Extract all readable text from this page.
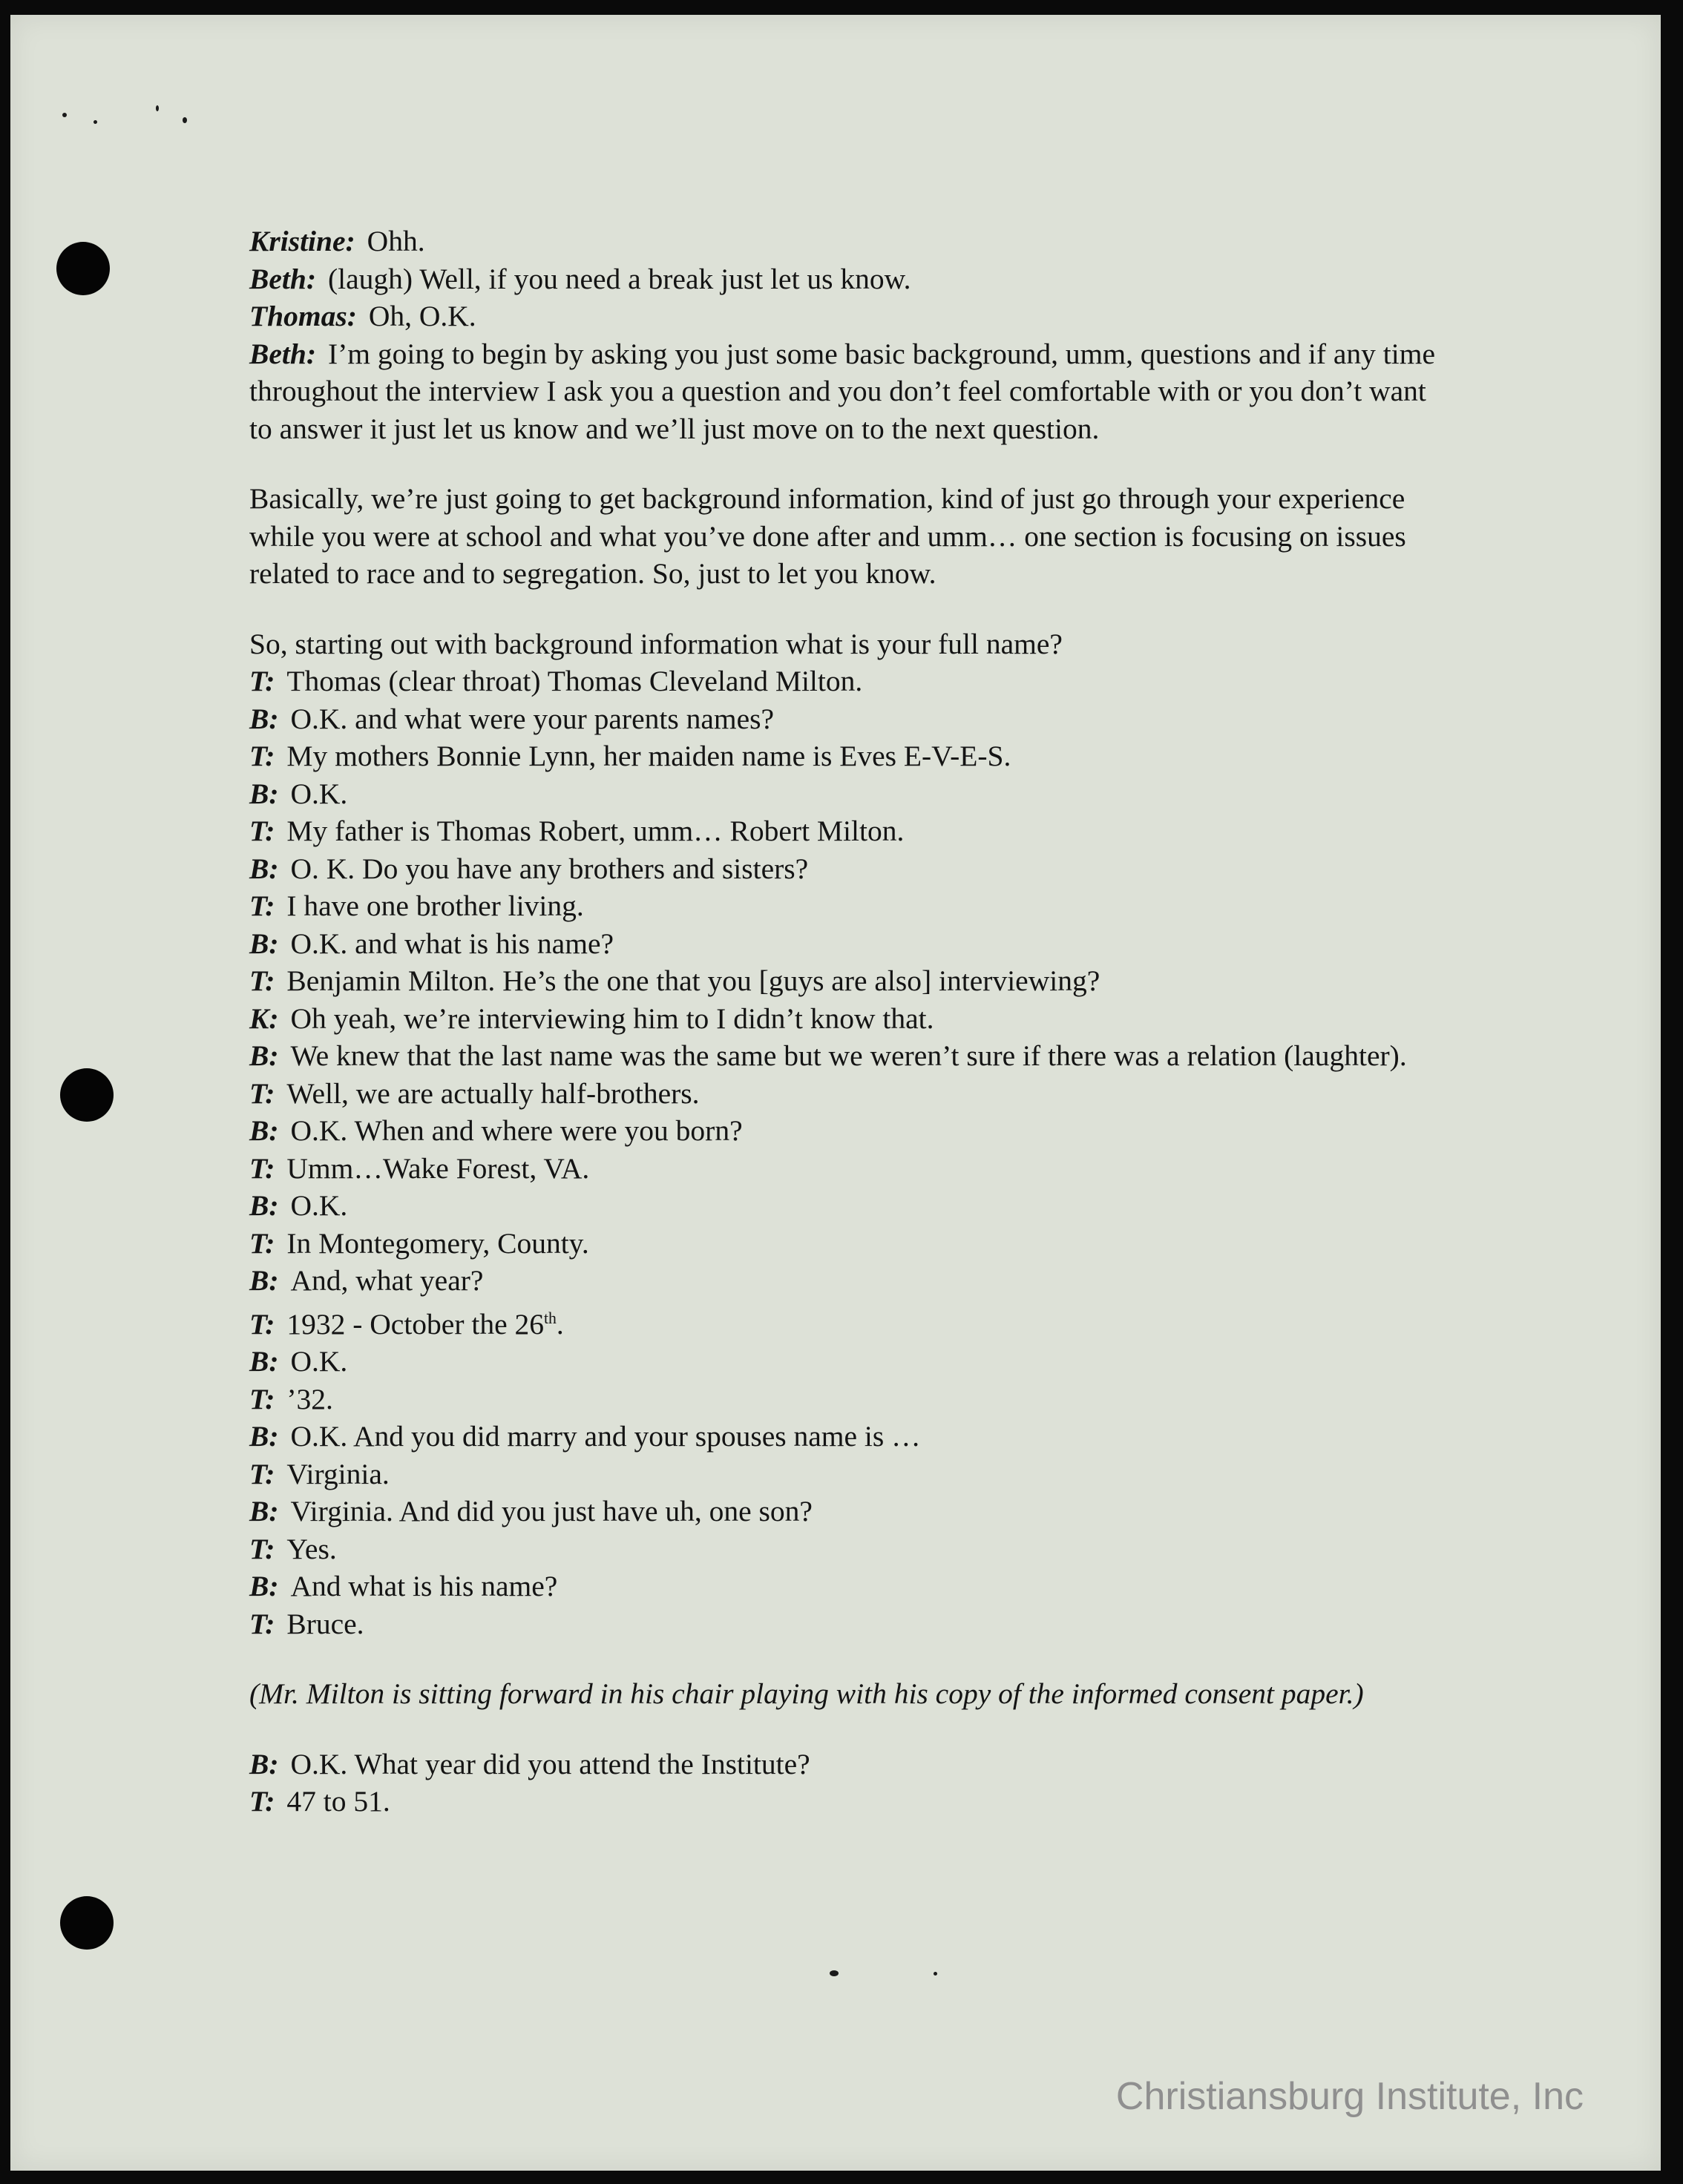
Kristine: Ohh.
Beth: (laugh) Well, if you need a break just let us know.
Thomas: Oh, O.K.
Beth: I’m going to begin by asking you just some basic background, umm, questions and if any time throughout the interview I ask you a question and you don’t feel comfortable with or you don’t want to answer it just let us know and we’ll just move on to the next question.
Basically, we’re just going to get background information, kind of just go through your experience while you were at school and what you’ve done after and umm… one section is focusing on issues related to race and to segregation. So, just to let you know.
So, starting out with background information what is your full name?
T: Thomas (clear throat) Thomas Cleveland Milton.
B: O.K. and what were your parents names?
T: My mothers Bonnie Lynn, her maiden name is Eves E-V-E-S.
B: O.K.
T: My father is Thomas Robert, umm… Robert Milton.
B: O. K. Do you have any brothers and sisters?
T: I have one brother living.
B: O.K. and what is his name?
T: Benjamin Milton. He’s the one that you [guys are also] interviewing?
K: Oh yeah, we’re interviewing him to I didn’t know that.
B: We knew that the last name was the same but we weren’t sure if there was a relation (laughter).
T: Well, we are actually half-brothers.
B: O.K. When and where were you born?
T: Umm…Wake Forest, VA.
B: O.K.
T: In Montegomery, County.
B: And, what year?
T: 1932 - October the 26th.
B: O.K.
T: ’32.
B: O.K. And you did marry and your spouses name is …
T: Virginia.
B: Virginia. And did you just have uh, one son?
T: Yes.
B: And what is his name?
T: Bruce.
(Mr. Milton is sitting forward in his chair playing with his copy of the informed consent paper.)
B: O.K. What year did you attend the Institute?
T: 47 to 51.
Christiansburg Institute, Inc
